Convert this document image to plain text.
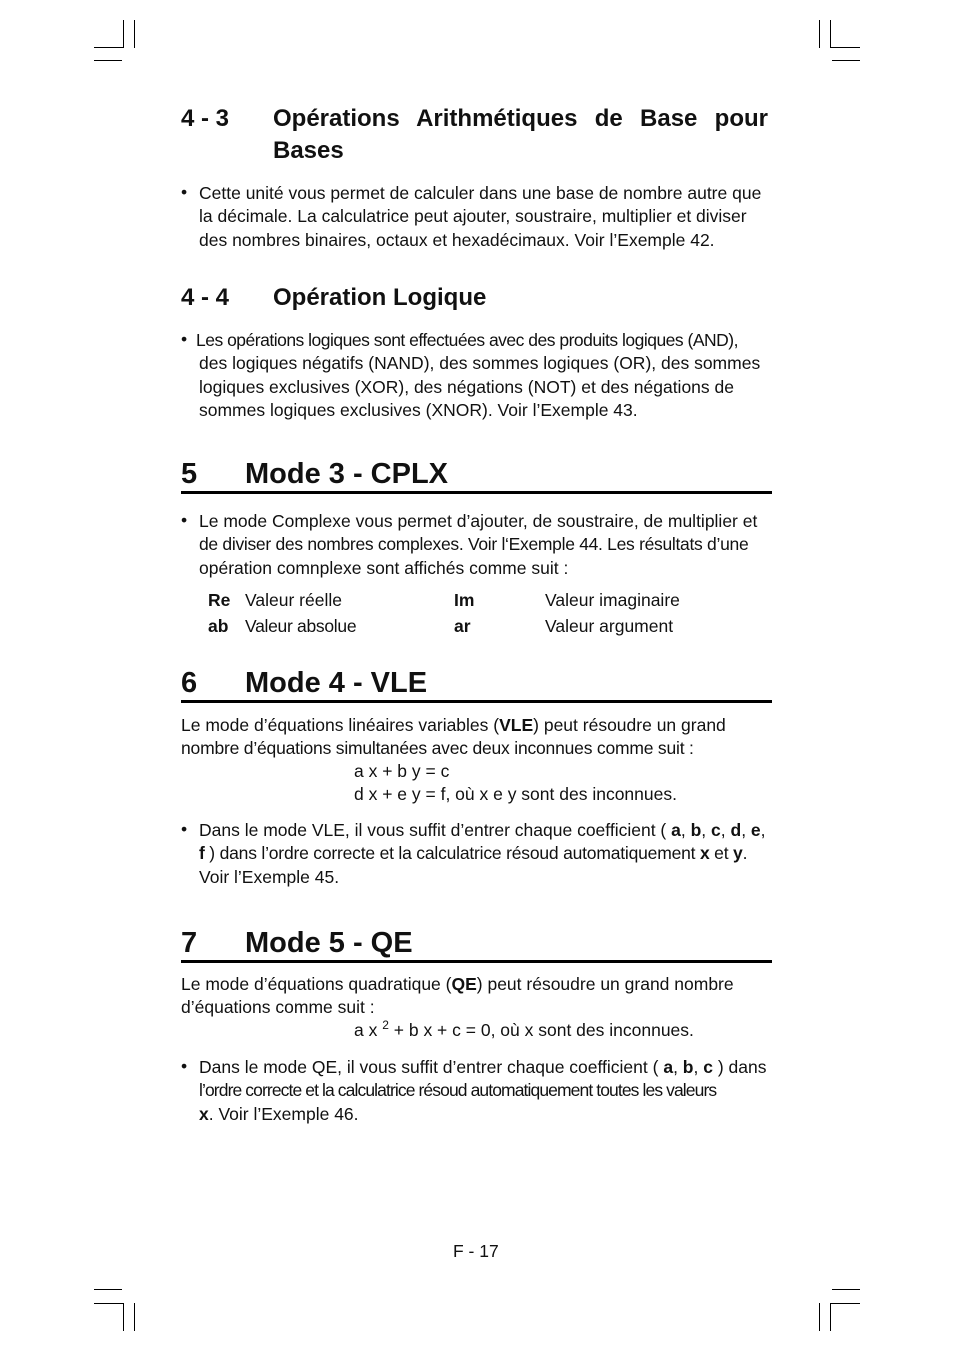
4 - 3 Opérations Arithmétiques de Base pour
Bases
• Cette unité vous permet de calculer dans une base de nombre autre que
la décimale. La calculatrice peut ajouter, soustraire, multiplier et diviser
des nombres binaires, octaux et hexadécimaux. Voir l’Exemple 42.
4 - 4 Opération Logique
• Les opérations logiques sont effectuées avec des produits logiques (AND),
des logiques négatifs (NAND), des sommes logiques (OR), des sommes
logiques exclusives (XOR), des négations (NOT) et des négations de
sommes logiques exclusives (XNOR). Voir l’Exemple 43.
5 Mode 3 - CPLX
• Le mode Complexe vous permet d’ajouter, de soustraire, de multiplier et
de diviser des nombres complexes. Voir l‘Exemple 44. Les résultats d’une
opération comnplexe sont affichés comme suit :
Re Valeur réelle	Im	Valeur imaginaire
ab Valeur absolue	ar	Valeur argument
6 Mode 4 - VLE
Le mode d’équations linéaires variables (VLE) peut résoudre un grand
nombre d’équations simultanées avec deux inconnues comme suit :
a x + b y = c
d x + e y = f, où x e y sont des inconnues.
• Dans le mode VLE, il vous suffit d’entrer chaque coefficient ( a, b, c, d, e,
f ) dans l’ordre correcte et la calculatrice résoud automatiquement x et y.
Voir l’Exemple 45.
7 Mode 5 - QE
Le mode d’équations quadratique (QE) peut résoudre un grand nombre
d’équations comme suit :
a x $^2$ + b x + c = 0, où x sont des inconnues.
• Dans le mode QE, il vous suffit d’entrer chaque coefficient ( a, b, c ) dans
l’ordre correcte et la calculatrice résoud automatiquement toutes les valeurs
x. Voir l’Exemple 46.
F - 17
